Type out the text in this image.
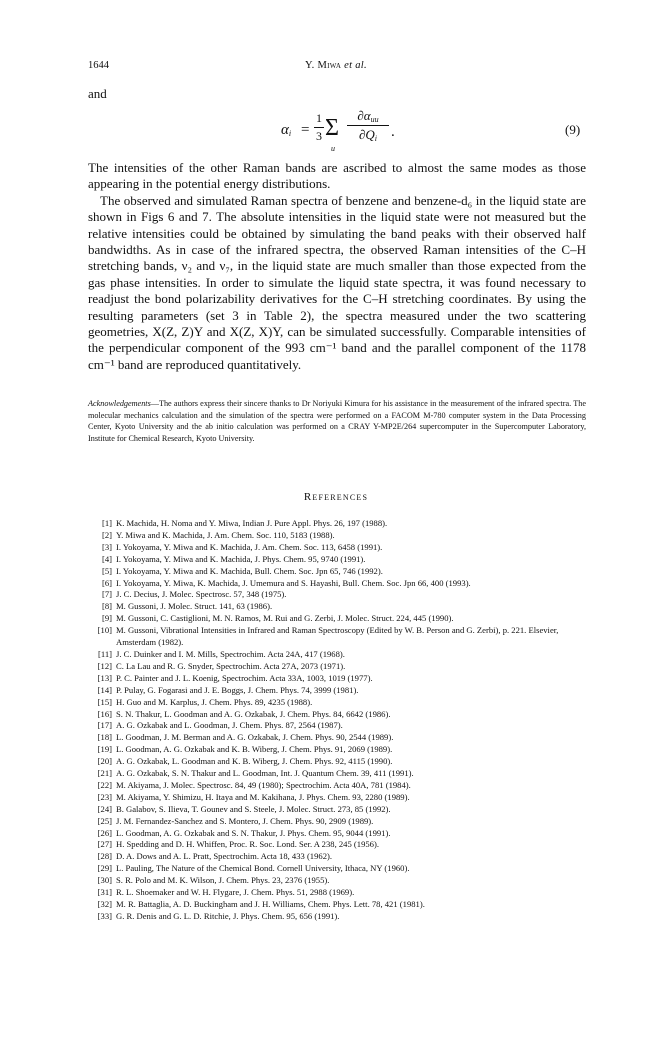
1644	Y. Miwa et al.
and
$\alpha_i$ =
1
3 Σ
u
$\partial\alpha_{uu}$
$\partial Q_i$ .	(9)

The intensities of the other Raman bands are ascribed to almost the same modes as those appearing in the potential energy distributions.

The observed and simulated Raman spectra of benzene and benzene-d₆ in the liquid state are shown in Figs 6 and 7. The absolute intensities in the liquid state were not measured but the relative intensities could be obtained by simulating the band peaks with their observed half bandwidths. As in case of the infrared spectra, the observed Raman intensities of the C–H stretching bands, ν₂ and ν₇, in the liquid state are much smaller than those expected from the gas phase intensities. In order to simulate the liquid state spectra, it was found necessary to readjust the bond polarizability derivatives for the C–H stretching coordinates. By using the resulting parameters (set 3 in Table 2), the spectra measured under the two scattering geometries, X(Z, Z)Y and X(Z, X)Y, can be simulated successfully. Comparable intensities of the perpendicular component of the 993 cm⁻¹ band and the parallel component of the 1178 cm⁻¹ band are reproduced quantitatively.

Acknowledgements—The authors express their sincere thanks to Dr Noriyuki Kimura for his assistance in the measurement of the infrared spectra. The molecular mechanics calculation and the simulation of the spectra were performed on a FACOM M-780 computer system in the Data Processing Center, Kyoto University and the ab initio calculation was performed on a CRAY Y-MP2E/264 supercomputer in the Supercomputer Laboratory, Institute for Chemical Research, Kyoto University.
References
[1] K. Machida, H. Noma and Y. Miwa, Indian J. Pure Appl. Phys. 26, 197 (1988).
[2] Y. Miwa and K. Machida, J. Am. Chem. Soc. 110, 5183 (1988).
[3] I. Yokoyama, Y. Miwa and K. Machida, J. Am. Chem. Soc. 113, 6458 (1991).
[4] I. Yokoyama, Y. Miwa and K. Machida, J. Phys. Chem. 95, 9740 (1991).
[5] I. Yokoyama, Y. Miwa and K. Machida, Bull. Chem. Soc. Jpn 65, 746 (1992).
[6] I. Yokoyama, Y. Miwa, K. Machida, J. Umemura and S. Hayashi, Bull. Chem. Soc. Jpn 66, 400 (1993).
[7] J. C. Decius, J. Molec. Spectrosc. 57, 348 (1975).
[8] M. Gussoni, J. Molec. Struct. 141, 63 (1986).
[9] M. Gussoni, C. Castiglioni, M. N. Ramos, M. Rui and G. Zerbi, J. Molec. Struct. 224, 445 (1990).
[10] M. Gussoni, Vibrational Intensities in Infrared and Raman Spectroscopy (Edited by W. B. Person and G. Zerbi), p. 221. Elsevier, Amsterdam (1982).
[11] J. C. Duinker and I. M. Mills, Spectrochim. Acta 24A, 417 (1968).
[12] C. La Lau and R. G. Snyder, Spectrochim. Acta 27A, 2073 (1971).
[13] P. C. Painter and J. L. Koenig, Spectrochim. Acta 33A, 1003, 1019 (1977).
[14] P. Pulay, G. Fogarasi and J. E. Boggs, J. Chem. Phys. 74, 3999 (1981).
[15] H. Guo and M. Karplus, J. Chem. Phys. 89, 4235 (1988).
[16] S. N. Thakur, L. Goodman and A. G. Ozkabak, J. Chem. Phys. 84, 6642 (1986).
[17] A. G. Ozkabak and L. Goodman, J. Chem. Phys. 87, 2564 (1987).
[18] L. Goodman, J. M. Berman and A. G. Ozkabak, J. Chem. Phys. 90, 2544 (1989).
[19] L. Goodman, A. G. Ozkabak and K. B. Wiberg, J. Chem. Phys. 91, 2069 (1989).
[20] A. G. Ozkabak, L. Goodman and K. B. Wiberg, J. Chem. Phys. 92, 4115 (1990).
[21] A. G. Ozkabak, S. N. Thakur and L. Goodman, Int. J. Quantum Chem. 39, 411 (1991).
[22] M. Akiyama, J. Molec. Spectrosc. 84, 49 (1980); Spectrochim. Acta 40A, 781 (1984).
[23] M. Akiyama, Y. Shimizu, H. Itaya and M. Kakihana, J. Phys. Chem. 93, 2280 (1989).
[24] B. Galabov, S. Ilieva, T. Gounev and S. Steele, J. Molec. Struct. 273, 85 (1992).
[25] J. M. Fernandez-Sanchez and S. Montero, J. Chem. Phys. 90, 2909 (1989).
[26] L. Goodman, A. G. Ozkabak and S. N. Thakur, J. Phys. Chem. 95, 9044 (1991).
[27] H. Spedding and D. H. Whiffen, Proc. R. Soc. Lond. Ser. A 238, 245 (1956).
[28] D. A. Dows and A. L. Pratt, Spectrochim. Acta 18, 433 (1962).
[29] L. Pauling, The Nature of the Chemical Bond. Cornell University, Ithaca, NY (1960).
[30] S. R. Polo and M. K. Wilson, J. Chem. Phys. 23, 2376 (1955).
[31] R. L. Shoemaker and W. H. Flygare, J. Chem. Phys. 51, 2988 (1969).
[32] M. R. Battaglia, A. D. Buckingham and J. H. Williams, Chem. Phys. Lett. 78, 421 (1981).
[33] G. R. Denis and G. L. D. Ritchie, J. Phys. Chem. 95, 656 (1991).
